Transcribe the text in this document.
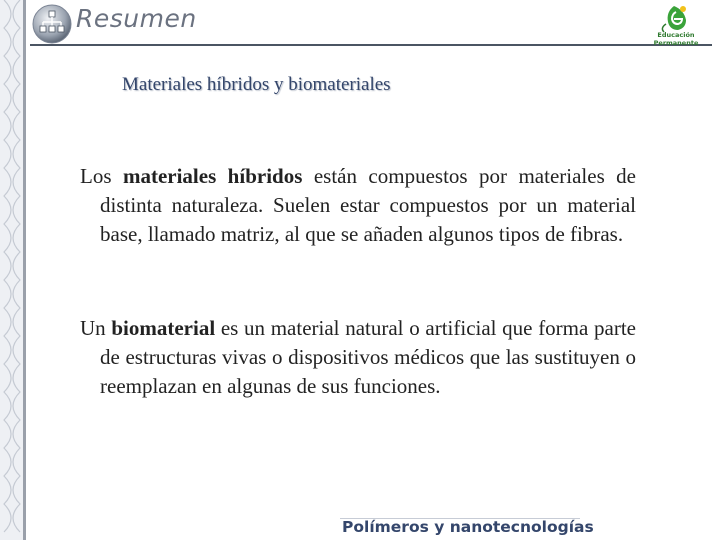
Resumen
Educación Permanente
Materiales híbridos y biomateriales
Los materiales híbridos están compuestos por materiales de distinta naturaleza. Suelen estar compuestos por un material base, llamado matriz, al que se añaden algunos tipos de fibras.
Un biomaterial es un material natural o artificial que forma parte de estructuras vivas o dispositivos médicos que las sustituyen o reemplazan en algunas de sus funciones.
Polímeros y nanotecnologías
